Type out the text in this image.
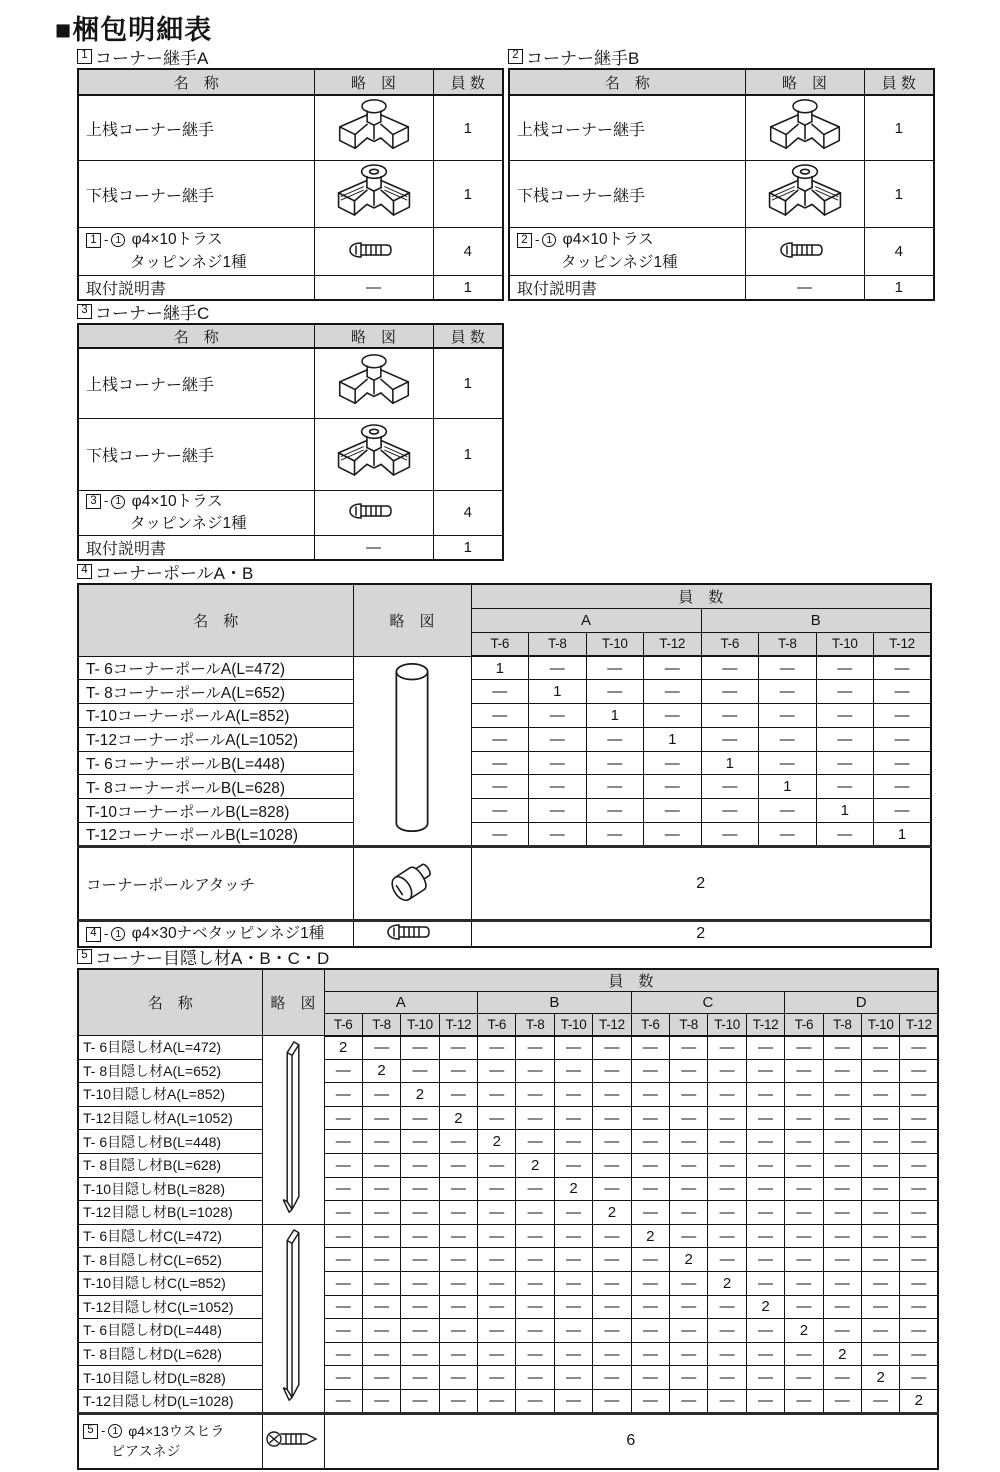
■梱包明細表
1 コーナー継手A
名　称	略　図	員 数
上桟コーナー継手		1
下桟コーナー継手		1

1 - 1 φ4×10トラス
タッピンネジ1種		4
取付説明書	―	1
2 コーナー継手B
名　称	略　図	員 数
上桟コーナー継手		1
下桟コーナー継手		1

2 - 1 φ4×10トラス
タッピンネジ1種		4
取付説明書	―	1
3 コーナー継手C
名　称	略　図	員 数
上桟コーナー継手		1
下桟コーナー継手		1

3 - 1 φ4×10トラス
タッピンネジ1種		4
取付説明書	―	1
4 コーナーポールA・B
名　称	略　図	員　数							
		A				B			
		T-6	T-8	T-10	T-12	T-6	T-8	T-10	T-12
T- 6コーナーポールA(L=472)		1	―	―	―	―	―	―	―
T- 8コーナーポールA(L=652)		―	1	―	―	―	―	―	―
T-10コーナーポールA(L=852)		―	―	1	―	―	―	―	―
T-12コーナーポールA(L=1052)		―	―	―	1	―	―	―	―
T- 6コーナーポールB(L=448)		―	―	―	―	1	―	―	―
T- 8コーナーポールB(L=628)		―	―	―	―	―	1	―	―
T-10コーナーポールB(L=828)		―	―	―	―	―	―	1	―
T-12コーナーポールB(L=1028)		―	―	―	―	―	―	―	1
コーナーポールアタッチ		2							

4 - 1 φ4×30ナベタッピンネジ1種		2							
5 コーナー目隠し材A・B・C・D
名　称	略　図	員　数															
		A				B				C				D			
		T-6	T-8	T-10	T-12	T-6	T-8	T-10	T-12	T-6	T-8	T-10	T-12	T-6	T-8	T-10	T-12
T- 6目隠し材A(L=472)		2	―	―	―	―	―	―	―	―	―	―	―	―	―	―	―
T- 8目隠し材A(L=652)		―	2	―	―	―	―	―	―	―	―	―	―	―	―	―	―
T-10目隠し材A(L=852)		―	―	2	―	―	―	―	―	―	―	―	―	―	―	―	―
T-12目隠し材A(L=1052)		―	―	―	2	―	―	―	―	―	―	―	―	―	―	―	―
T- 6目隠し材B(L=448)		―	―	―	―	2	―	―	―	―	―	―	―	―	―	―	―
T- 8目隠し材B(L=628)		―	―	―	―	―	2	―	―	―	―	―	―	―	―	―	―
T-10目隠し材B(L=828)		―	―	―	―	―	―	2	―	―	―	―	―	―	―	―	―
T-12目隠し材B(L=1028)		―	―	―	―	―	―	―	2	―	―	―	―	―	―	―	―
T- 6目隠し材C(L=472)		―	―	―	―	―	―	―	―	2	―	―	―	―	―	―	―
T- 8目隠し材C(L=652)		―	―	―	―	―	―	―	―	―	2	―	―	―	―	―	―
T-10目隠し材C(L=852)		―	―	―	―	―	―	―	―	―	―	2	―	―	―	―	―
T-12目隠し材C(L=1052)		―	―	―	―	―	―	―	―	―	―	―	2	―	―	―	―
T- 6目隠し材D(L=448)		―	―	―	―	―	―	―	―	―	―	―	―	2	―	―	―
T- 8目隠し材D(L=628)		―	―	―	―	―	―	―	―	―	―	―	―	―	2	―	―
T-10目隠し材D(L=828)		―	―	―	―	―	―	―	―	―	―	―	―	―	―	2	―
T-12目隠し材D(L=1028)		―	―	―	―	―	―	―	―	―	―	―	―	―	―	―	2

5 - 1 φ4×13ウスヒラ
ピアスネジ		6															
